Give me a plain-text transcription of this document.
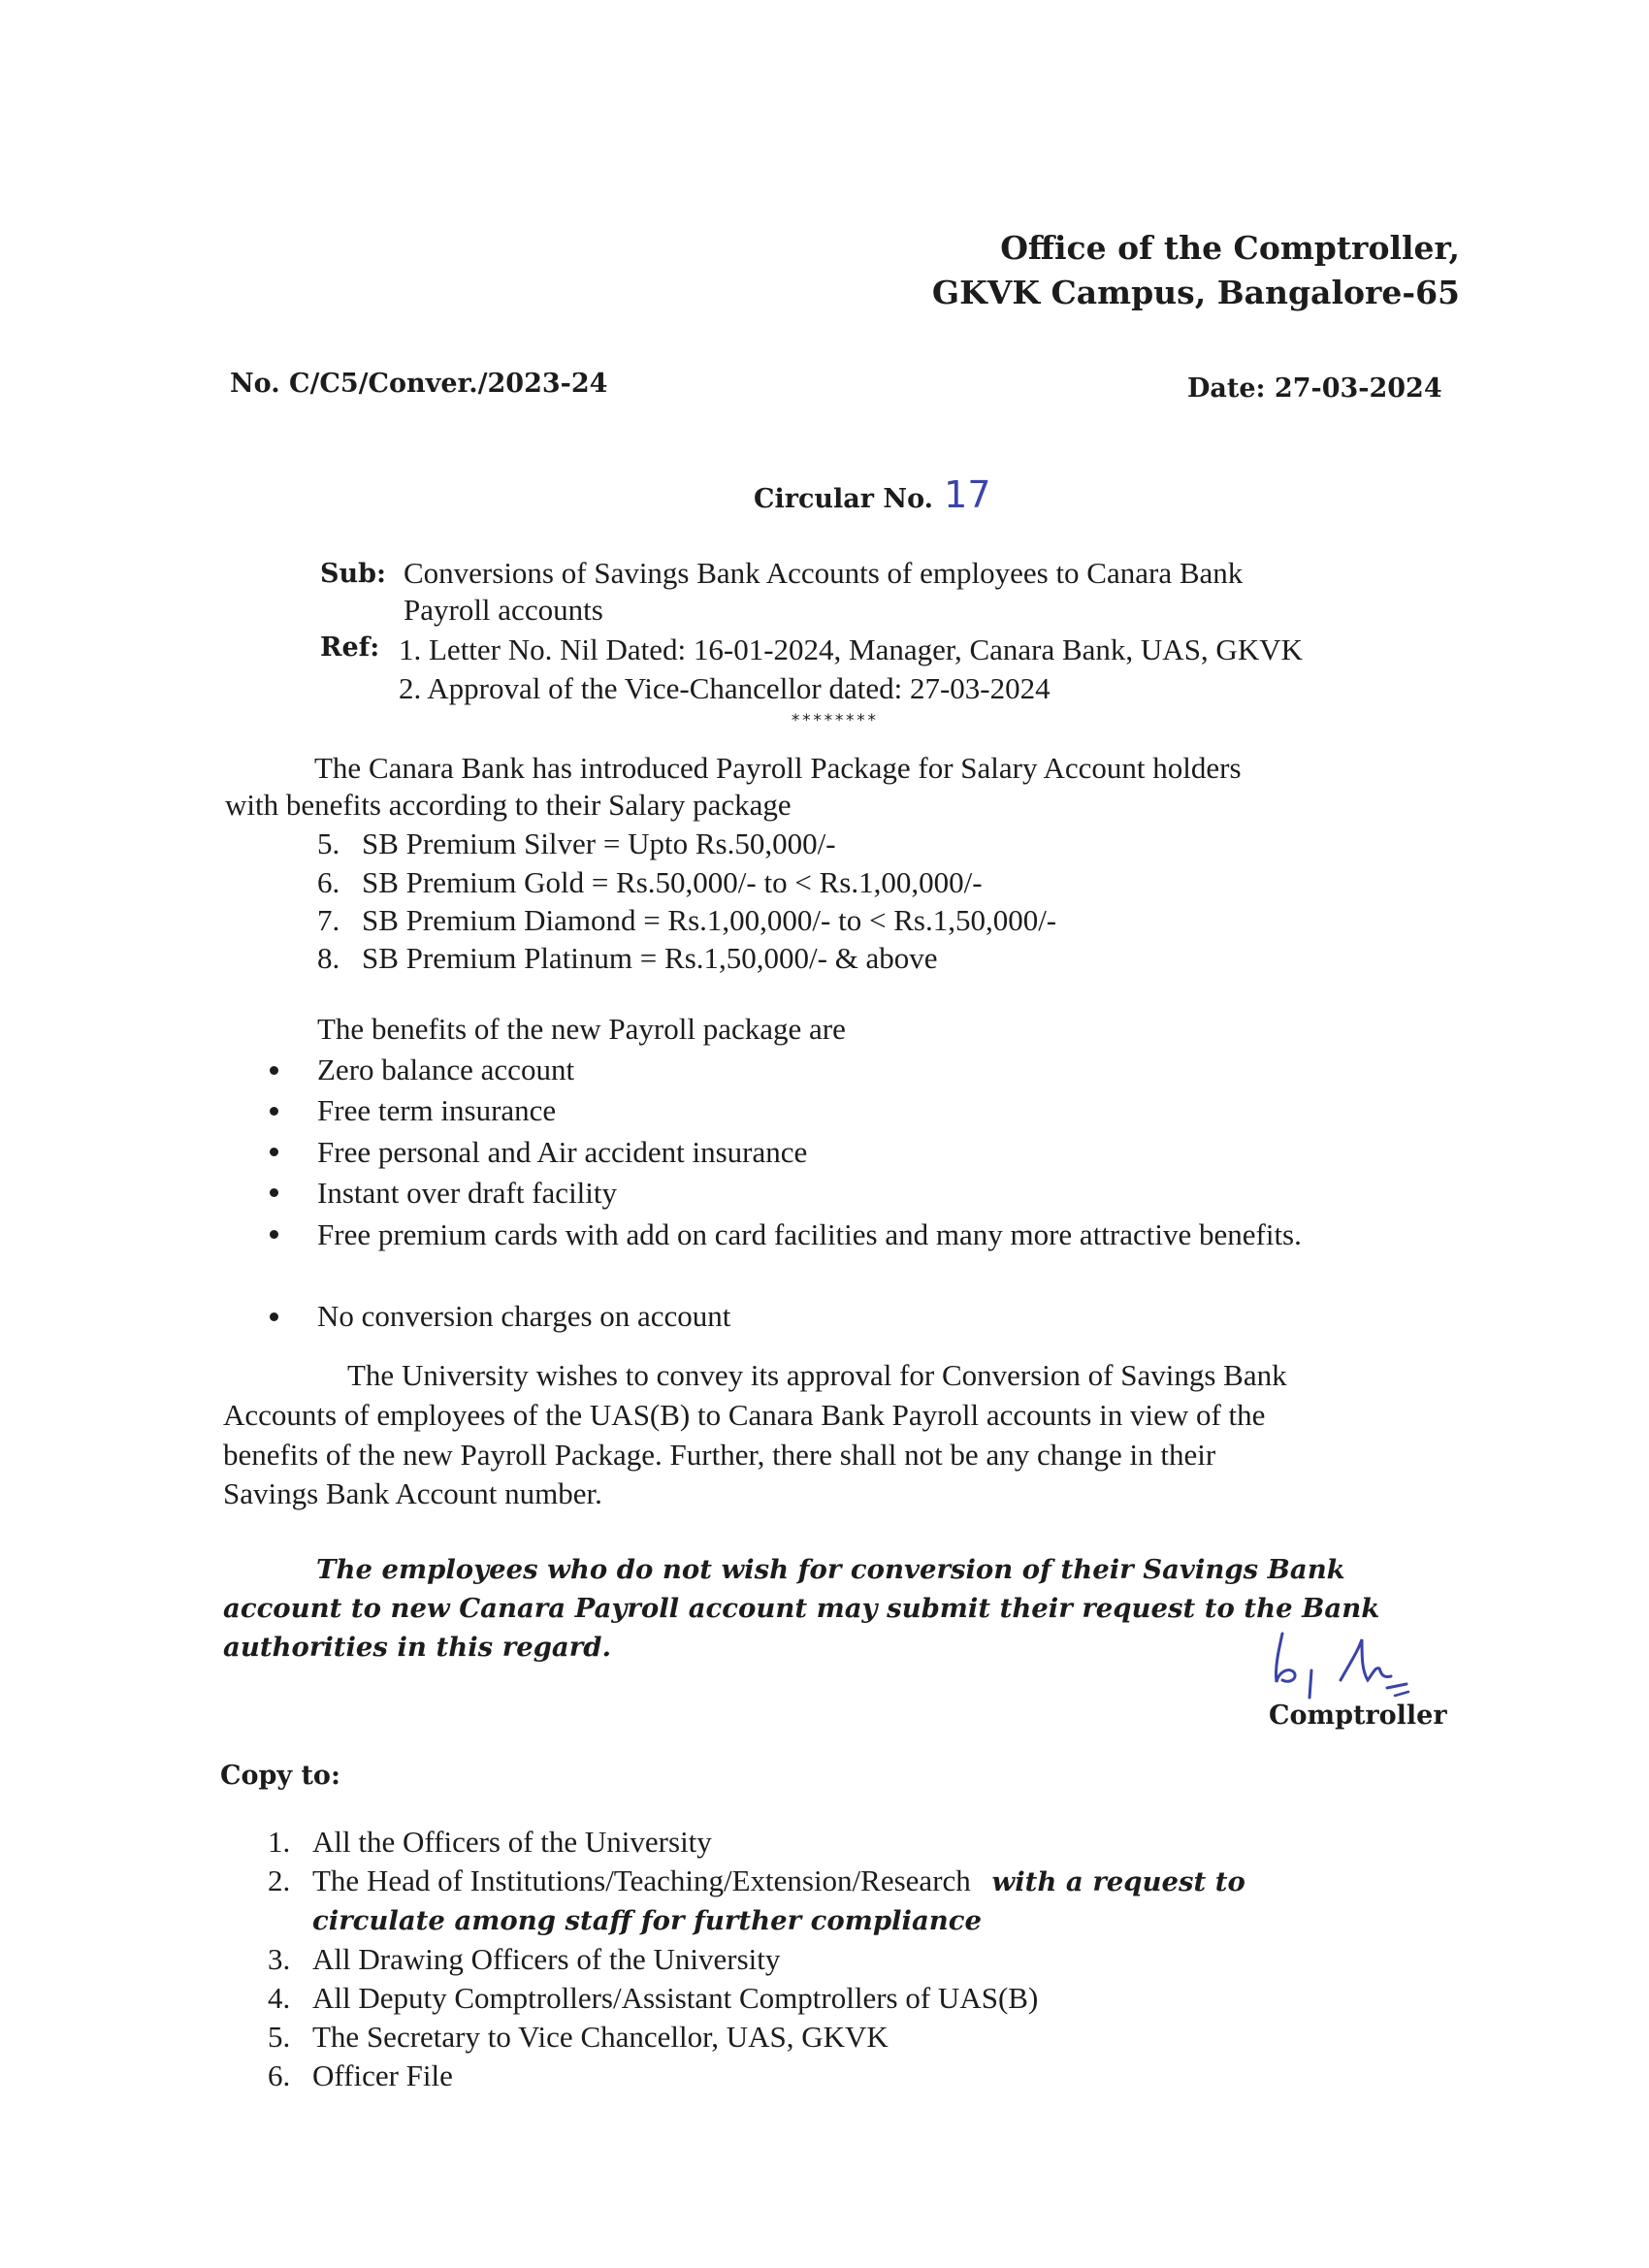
Office of the Comptroller,
GKVK Campus, Bangalore-65
No. C/C5/Conver./2023-24	Date: 27-03-2024
Circular No. 17
Sub: Conversions of Savings Bank Accounts of employees to Canara Bank
Payroll accounts
Ref: 1. Letter No. Nil Dated: 16-01-2024, Manager, Canara Bank, UAS, GKVK
2. Approval of the Vice-Chancellor dated: 27-03-2024
********
The Canara Bank has introduced Payroll Package for Salary Account holders
with benefits according to their Salary package
5. SB Premium Silver = Upto Rs.50,000/-
6. SB Premium Gold = Rs.50,000/- to < Rs.1,00,000/-
7. SB Premium Diamond = Rs.1,00,000/- to < Rs.1,50,000/-
8. SB Premium Platinum = Rs.1,50,000/- & above
The benefits of the new Payroll package are
Zero balance account
Free term insurance
Free personal and Air accident insurance
Instant over draft facility
Free premium cards with add on card facilities and many more attractive benefits.
No conversion charges on account
The University wishes to convey its approval for Conversion of Savings Bank
Accounts of employees of the UAS(B) to Canara Bank Payroll accounts in view of the
benefits of the new Payroll Package. Further, there shall not be any change in their
Savings Bank Account number.
The employees who do not wish for conversion of their Savings Bank
account to new Canara Payroll account may submit their request to the Bank
authorities in this regard.
Comptroller
Copy to:
1. All the Officers of the University
2. The Head of Institutions/Teaching/Extension/Research with a request to
circulate among staff for further compliance
3. All Drawing Officers of the University
4. All Deputy Comptrollers/Assistant Comptrollers of UAS(B)
5. The Secretary to Vice Chancellor, UAS, GKVK
6. Officer File
